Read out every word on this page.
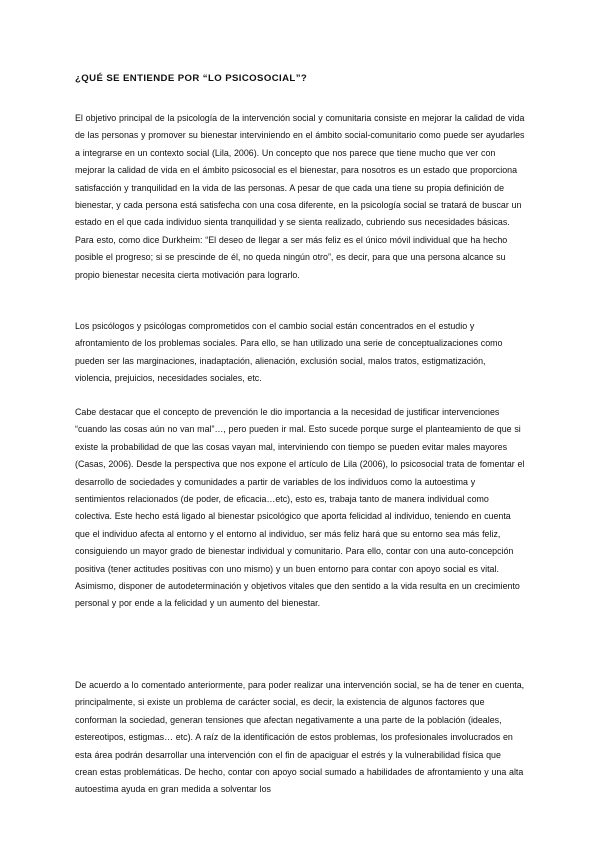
¿QUÉ SE ENTIENDE POR “LO PSICOSOCIAL”?

El objetivo principal de la psicología de la intervención social y comunitaria consiste en mejorar la calidad de vida de las personas y promover su bienestar interviniendo en el ámbito social-comunitario como puede ser ayudarles a integrarse en un contexto social (Lila, 2006). Un concepto que nos parece que tiene mucho que ver con mejorar la calidad de vida en el ámbito psicosocial es el bienestar, para nosotros es un estado que proporciona satisfacción y tranquilidad en la vida de las personas. A pesar de que cada una tiene su propia definición de bienestar, y cada persona está satisfecha con una cosa diferente, en la psicología social se tratará de buscar un estado en el que cada individuo sienta tranquilidad y se sienta realizado, cubriendo sus necesidades básicas. Para esto, como dice Durkheim: “El deseo de llegar a ser más feliz es el único móvil individual que ha hecho posible el progreso; si se prescinde de él, no queda ningún otro”, es decir, para que una persona alcance su propio bienestar necesita cierta motivación para lograrlo.

Los psicólogos y psicólogas comprometidos con el cambio social están concentrados en el estudio y afrontamiento de los problemas sociales. Para ello, se han utilizado una serie de conceptualizaciones como pueden ser las marginaciones, inadaptación, alienación, exclusión social, malos tratos, estigmatización, violencia, prejuicios, necesidades sociales, etc.

Cabe destacar que el concepto de prevención le dio importancia a la necesidad de justificar intervenciones “cuando las cosas aún no van mal”…, pero pueden ir mal. Esto sucede porque surge el planteamiento de que si existe la probabilidad de que las cosas vayan mal, interviniendo con tiempo se pueden evitar males mayores (Casas, 2006). Desde la perspectiva que nos expone el artículo de Lila (2006), lo psicosocial trata de fomentar el desarrollo de sociedades y comunidades a partir de variables de los individuos como la autoestima y sentimientos relacionados (de poder, de eficacia…etc), esto es, trabaja tanto de manera individual como colectiva. Este hecho está ligado al bienestar psicológico que aporta felicidad al individuo, teniendo en cuenta que el individuo afecta al entorno y el entorno al individuo, ser más feliz hará que su entorno sea más feliz, consiguiendo un mayor grado de bienestar individual y comunitario. Para ello, contar con una auto-concepción positiva (tener actitudes positivas con uno mismo) y un buen entorno para contar con apoyo social es vital. Asimismo, disponer de autodeterminación y objetivos vitales que den sentido a la vida resulta en un crecimiento personal y por ende a la felicidad y un aumento del bienestar.

De acuerdo a lo comentado anteriormente, para poder realizar una intervención social, se ha de tener en cuenta, principalmente, si existe un problema de carácter social, es decir, la existencia de algunos factores que conforman la sociedad, generan tensiones que afectan negativamente a una parte de la población (ideales, estereotipos, estigmas… etc). A raíz de la identificación de estos problemas, los profesionales involucrados en esta área podrán desarrollar una intervención con el fin de apaciguar el estrés y la vulnerabilidad física que crean estas problemáticas. De hecho, contar con apoyo social sumado a habilidades de afrontamiento y una alta autoestima ayuda en gran medida a solventar los
